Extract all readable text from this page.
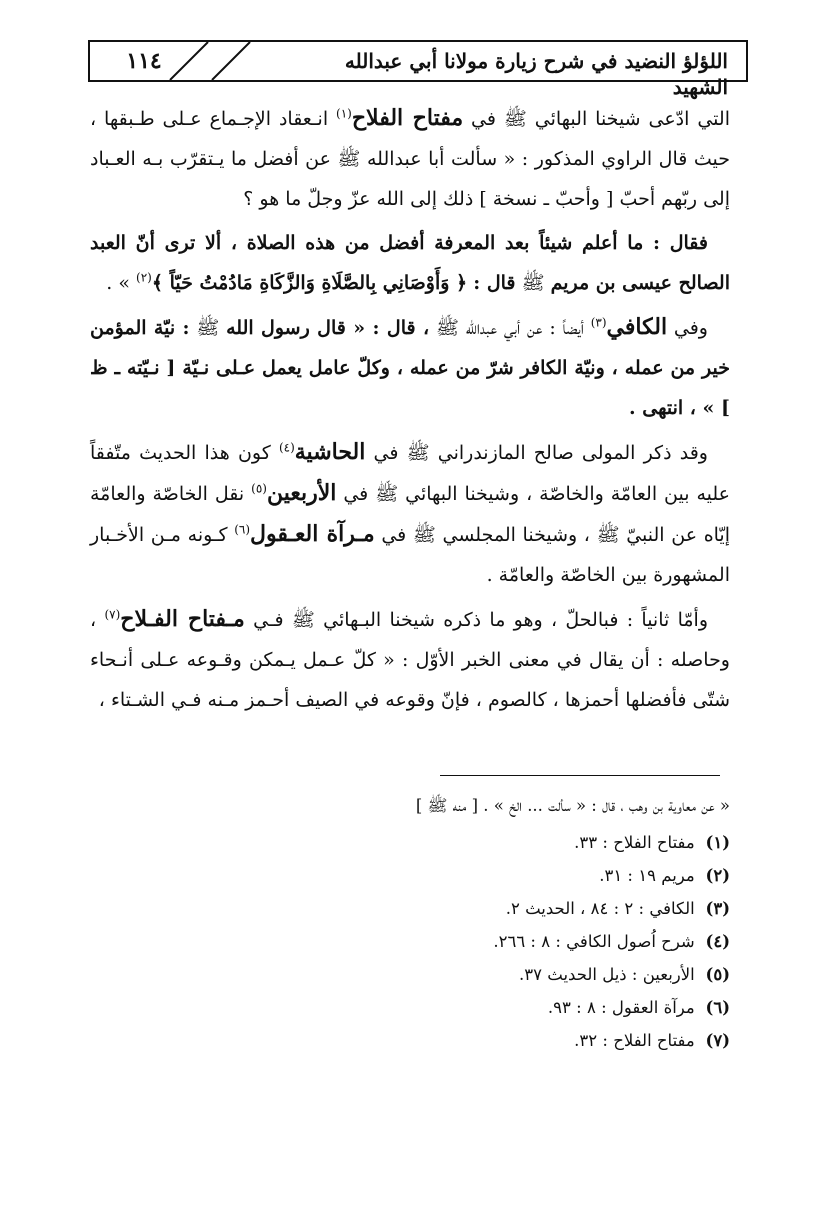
١١٤	اللؤلؤ النضيد في شرح زيارة مولانا أبي عبدالله الشهيد

التي ادّعى شيخنا البهائي ﷺ في مفتاح الفلاح$^{(١)}$ انـعقاد الإجـماع عـلى طـبقها ، حيث قال الراوي المذكور : « سألت أبا عبدالله ﷺ عن أفضل ما يـتقرّب بـه العـباد إلى ربّهم أحبّ [ وأحبّ ـ نسخة ] ذلك إلى الله عزّ وجلّ ما هو ؟

فقال : ما أعلم شيئاً بعد المعرفة أفضل من هذه الصلاة ، ألا ترى أنّ العبد الصالح عيسى بن مريم ﷺ قال : ﴿ وَأَوْصَانِي بِالصَّلَاةِ وَالزَّكَاةِ مَادُمْتُ حَيّاً ﴾$^{(٢)}$ » .

وفي الكافي$^{(٣)}$ أيضاً : عن أبي عبدالله ﷺ ، قال : « قال رسول الله ﷺ : نيّة المؤمن خير من عمله ، ونيّة الكافر شرّ من عمله ، وكلّ عامل يعمل عـلى نـيّة [ نـيّته ـ ظ ] » ، انتهى .

وقد ذكر المولى صالح المازندراني ﷺ في الحاشية$^{(٤)}$ كون هذا الحديث متّفقاً عليه بين العامّة والخاصّة ، وشيخنا البهائي ﷺ في الأربعين$^{(٥)}$ نقل الخاصّة والعامّة إيّاه عن النبيّ ﷺ ، وشيخنا المجلسي ﷺ في مـرآة العـقول$^{(٦)}$ كـونه مـن الأخـبار المشهورة بين الخاصّة والعامّة .

وأمّا ثانياً : فبالحلّ ، وهو ما ذكره شيخنا البـهائي ﷺ فـي مـفتاح الفـلاح$^{(٧)}$ ، وحاصله : أن يقال في معنى الخبر الأوّل : « كلّ عـمل يـمكن وقـوعه عـلى أنـحاء شتّى فأفضلها أحمزها ، كالصوم ، فإنّ وقوعه في الصيف أحـمز مـنه فـي الشـتاء ،

« عن معاوية بن وهب ، قال : « سألت ... الخ » . [ منه ﷺ ]
(١) مفتاح الفلاح : ٣٣.
(٢) مريم ١٩ : ٣١.
(٣) الكافي : ٢ : ٨٤ ، الحديث ٢.
(٤) شرح اُصول الكافي : ٨ : ٢٦٦.
(٥) الأربعين : ذيل الحديث ٣٧.
(٦) مرآة العقول : ٨ : ٩٣.
(٧) مفتاح الفلاح : ٣٢.
